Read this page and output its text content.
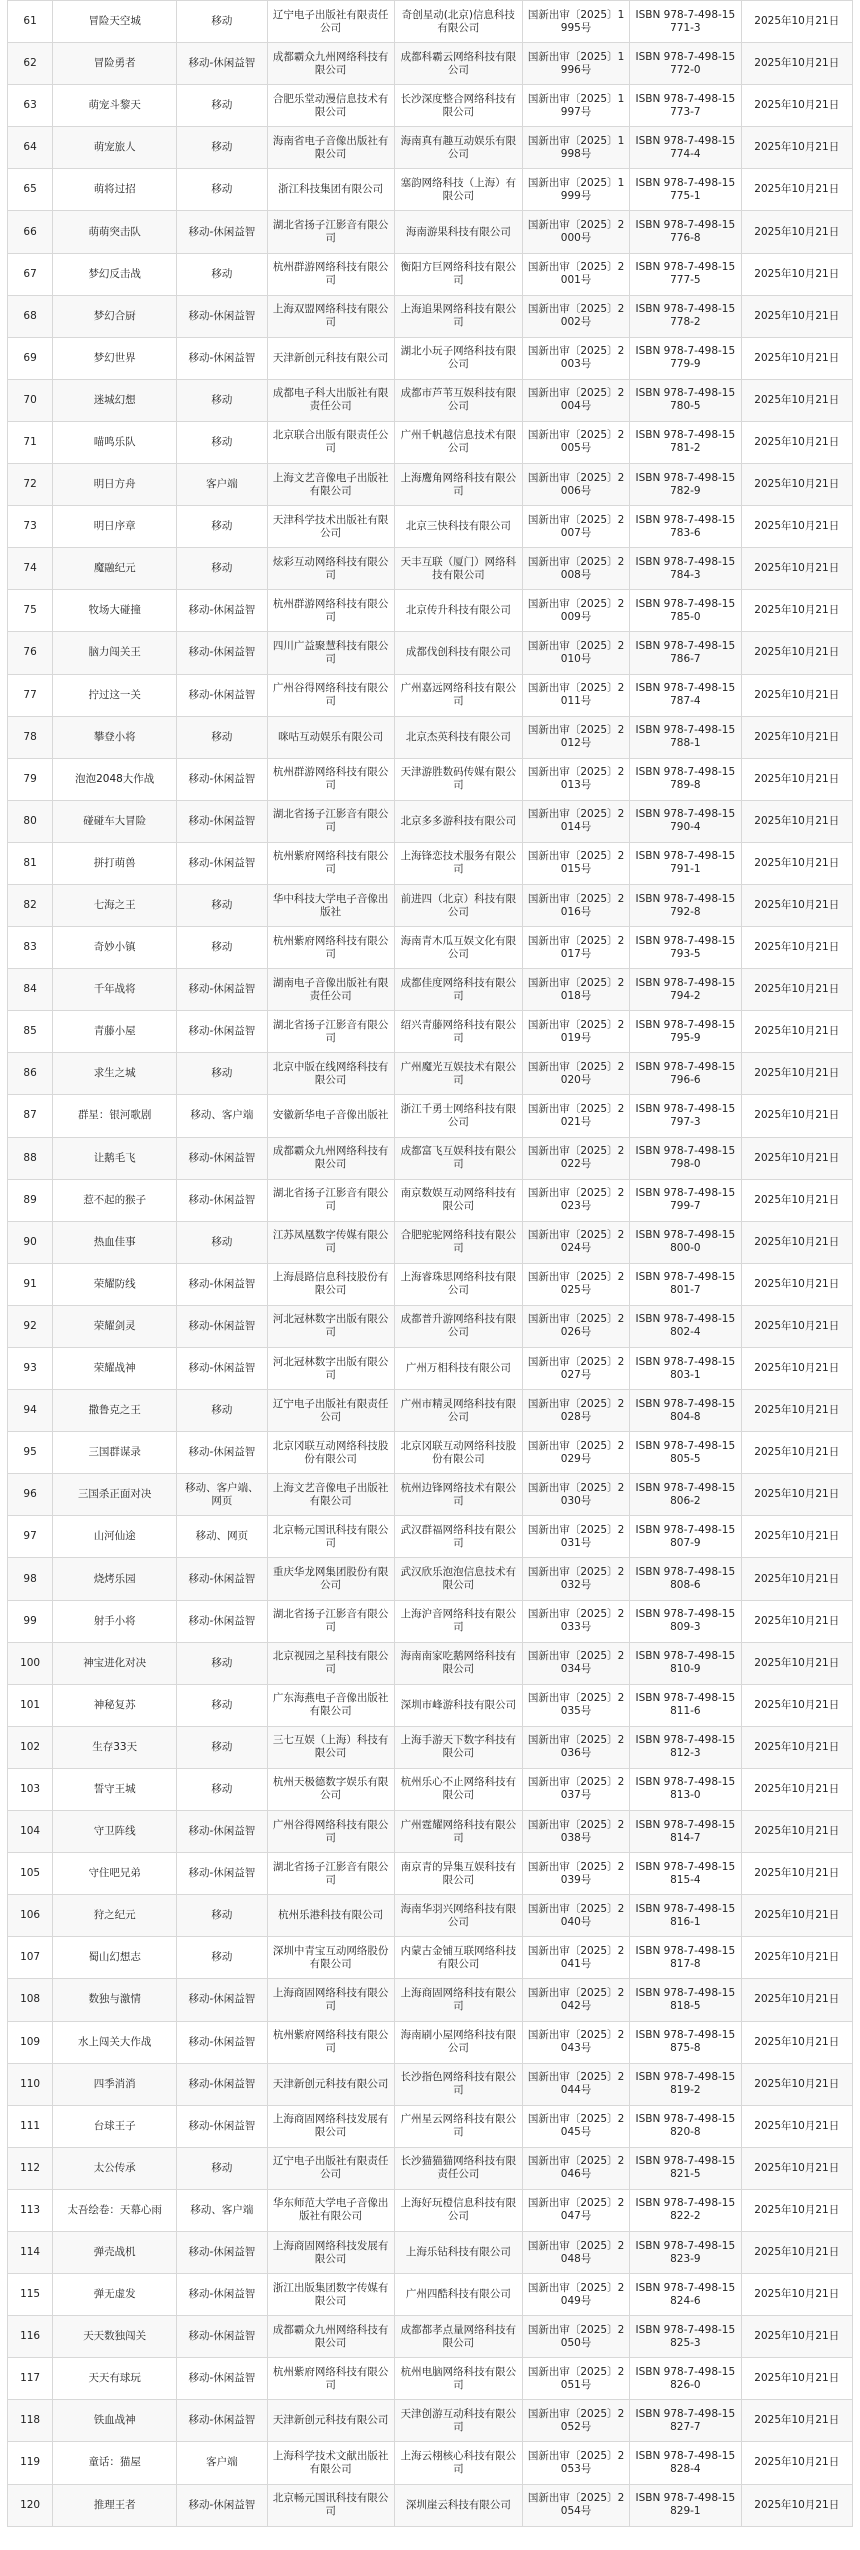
61	冒险天空城	移动	辽宁电子出版社有限责任公司	奇创星动(北京)信息科技有限公司	国新出审〔2025〕1995号	ISBN 978-7-498-15771-3	2025年10月21日
62	冒险勇者	移动-休闲益智	成都霸众九州网络科技有限公司	成都科霸云网络科技有限公司	国新出审〔2025〕1996号	ISBN 978-7-498-15772-0	2025年10月21日
63	萌宠斗黎天	移动	合肥乐堂动漫信息技术有限公司	长沙深度整合网络科技有限公司	国新出审〔2025〕1997号	ISBN 978-7-498-15773-7	2025年10月21日
64	萌宠旅人	移动	海南省电子音像出版社有限公司	海南真有趣互动娱乐有限公司	国新出审〔2025〕1998号	ISBN 978-7-498-15774-4	2025年10月21日
65	萌将过招	移动	浙江科技集团有限公司	塞韵网络科技（上海）有限公司	国新出审〔2025〕1999号	ISBN 978-7-498-15775-1	2025年10月21日
66	萌萌突击队	移动-休闲益智	湖北省扬子江影音有限公司	海南游果科技有限公司	国新出审〔2025〕2000号	ISBN 978-7-498-15776-8	2025年10月21日
67	梦幻反击战	移动	杭州群游网络科技有限公司	衡阳方巨网络科技有限公司	国新出审〔2025〕2001号	ISBN 978-7-498-15777-5	2025年10月21日
68	梦幻合厨	移动-休闲益智	上海双盟网络科技有限公司	上海追果网络科技有限公司	国新出审〔2025〕2002号	ISBN 978-7-498-15778-2	2025年10月21日
69	梦幻世界	移动-休闲益智	天津新创元科技有限公司	湖北小玩子网络科技有限公司	国新出审〔2025〕2003号	ISBN 978-7-498-15779-9	2025年10月21日
70	迷城幻想	移动	成都电子科大出版社有限责任公司	成都市芦苇互娱科技有限公司	国新出审〔2025〕2004号	ISBN 978-7-498-15780-5	2025年10月21日
71	喵鸣乐队	移动	北京联合出版有限责任公司	广州千帆越信息技术有限公司	国新出审〔2025〕2005号	ISBN 978-7-498-15781-2	2025年10月21日
72	明日方舟	客户端	上海文艺音像电子出版社有限公司	上海鹰角网络科技有限公司	国新出审〔2025〕2006号	ISBN 978-7-498-15782-9	2025年10月21日
73	明日序章	移动	天津科学技术出版社有限公司	北京三快科技有限公司	国新出审〔2025〕2007号	ISBN 978-7-498-15783-6	2025年10月21日
74	魔融纪元	移动	炫彩互动网络科技有限公司	天丰互联（厦门）网络科技有限公司	国新出审〔2025〕2008号	ISBN 978-7-498-15784-3	2025年10月21日
75	牧场大碰撞	移动-休闲益智	杭州群游网络科技有限公司	北京传升科技有限公司	国新出审〔2025〕2009号	ISBN 978-7-498-15785-0	2025年10月21日
76	脑力闯关王	移动-休闲益智	四川广益聚慧科技有限公司	成都伐创科技有限公司	国新出审〔2025〕2010号	ISBN 978-7-498-15786-7	2025年10月21日
77	拧过这一关	移动-休闲益智	广州谷得网络科技有限公司	广州嘉远网络科技有限公司	国新出审〔2025〕2011号	ISBN 978-7-498-15787-4	2025年10月21日
78	攀登小将	移动	咪咕互动娱乐有限公司	北京杰英科技有限公司	国新出审〔2025〕2012号	ISBN 978-7-498-15788-1	2025年10月21日
79	泡泡2048大作战	移动-休闲益智	杭州群游网络科技有限公司	天津游胜数码传媒有限公司	国新出审〔2025〕2013号	ISBN 978-7-498-15789-8	2025年10月21日
80	碰碰车大冒险	移动-休闲益智	湖北省扬子江影音有限公司	北京多多游科技有限公司	国新出审〔2025〕2014号	ISBN 978-7-498-15790-4	2025年10月21日
81	拼打萌兽	移动-休闲益智	杭州紫府网络科技有限公司	上海锋恋技术服务有限公司	国新出审〔2025〕2015号	ISBN 978-7-498-15791-1	2025年10月21日
82	七海之王	移动	华中科技大学电子音像出版社	前进四（北京）科技有限公司	国新出审〔2025〕2016号	ISBN 978-7-498-15792-8	2025年10月21日
83	奇妙小镇	移动	杭州紫府网络科技有限公司	海南青木瓜互娱文化有限公司	国新出审〔2025〕2017号	ISBN 978-7-498-15793-5	2025年10月21日
84	千年战将	移动-休闲益智	湖南电子音像出版社有限责任公司	成都佳度网络科技有限公司	国新出审〔2025〕2018号	ISBN 978-7-498-15794-2	2025年10月21日
85	青藤小屋	移动-休闲益智	湖北省扬子江影音有限公司	绍兴青藤网络科技有限公司	国新出审〔2025〕2019号	ISBN 978-7-498-15795-9	2025年10月21日
86	求生之城	移动	北京中版在线网络科技有限公司	广州魔光互娱技术有限公司	国新出审〔2025〕2020号	ISBN 978-7-498-15796-6	2025年10月21日
87	群星：银河歌剧	移动、客户端	安徽新华电子音像出版社	浙江千勇士网络科技有限公司	国新出审〔2025〕2021号	ISBN 978-7-498-15797-3	2025年10月21日
88	让鹅毛飞	移动-休闲益智	成都霸众九州网络科技有限公司	成都富飞互娱科技有限公司	国新出审〔2025〕2022号	ISBN 978-7-498-15798-0	2025年10月21日
89	惹不起的猴子	移动-休闲益智	湖北省扬子江影音有限公司	南京数娱互动网络科技有限公司	国新出审〔2025〕2023号	ISBN 978-7-498-15799-7	2025年10月21日
90	热血佳事	移动	江苏凤凰数字传媒有限公司	合肥驼驼网络科技有限公司	国新出审〔2025〕2024号	ISBN 978-7-498-15800-0	2025年10月21日
91	荣耀防线	移动-休闲益智	上海晨路信息科技股份有限公司	上海睿珠思网络科技有限公司	国新出审〔2025〕2025号	ISBN 978-7-498-15801-7	2025年10月21日
92	荣耀剑灵	移动-休闲益智	河北冠林数字出版有限公司	成都普升游网络科技有限公司	国新出审〔2025〕2026号	ISBN 978-7-498-15802-4	2025年10月21日
93	荣耀战神	移动-休闲益智	河北冠林数字出版有限公司	广州万相科技有限公司	国新出审〔2025〕2027号	ISBN 978-7-498-15803-1	2025年10月21日
94	撒鲁克之王	移动	辽宁电子出版社有限责任公司	广州市精灵网络科技有限公司	国新出审〔2025〕2028号	ISBN 978-7-498-15804-8	2025年10月21日
95	三国群谋录	移动-休闲益智	北京冈联互动网络科技股份有限公司	北京冈联互动网络科技股份有限公司	国新出审〔2025〕2029号	ISBN 978-7-498-15805-5	2025年10月21日
96	三国杀正面对决	移动、客户端、网页	上海文艺音像电子出版社有限公司	杭州边锋网络技术有限公司	国新出审〔2025〕2030号	ISBN 978-7-498-15806-2	2025年10月21日
97	山河仙途	移动、网页	北京畅元国讯科技有限公司	武汉群福网络科技有限公司	国新出审〔2025〕2031号	ISBN 978-7-498-15807-9	2025年10月21日
98	烧烤乐园	移动-休闲益智	重庆华龙网集团股份有限公司	武汉欣乐泡泡信息技术有限公司	国新出审〔2025〕2032号	ISBN 978-7-498-15808-6	2025年10月21日
99	射手小将	移动-休闲益智	湖北省扬子江影音有限公司	上海沪音网络科技有限公司	国新出审〔2025〕2033号	ISBN 978-7-498-15809-3	2025年10月21日
100	神宝进化对决	移动	北京视园之星科技有限公司	海南南家吃鹅网络科技有限公司	国新出审〔2025〕2034号	ISBN 978-7-498-15810-9	2025年10月21日
101	神秘复苏	移动	广东海燕电子音像出版社有限公司	深圳市峰游科技有限公司	国新出审〔2025〕2035号	ISBN 978-7-498-15811-6	2025年10月21日
102	生存33天	移动	三七互娱（上海）科技有限公司	上海手游天下数字科技有限公司	国新出审〔2025〕2036号	ISBN 978-7-498-15812-3	2025年10月21日
103	誓守王城	移动	杭州天极德数字娱乐有限公司	杭州乐心不止网络科技有限公司	国新出审〔2025〕2037号	ISBN 978-7-498-15813-0	2025年10月21日
104	守卫阵线	移动-休闲益智	广州谷得网络科技有限公司	广州霆耀网络科技有限公司	国新出审〔2025〕2038号	ISBN 978-7-498-15814-7	2025年10月21日
105	守住吧兄弟	移动-休闲益智	湖北省扬子江影音有限公司	南京青的异集互娱科技有限公司	国新出审〔2025〕2039号	ISBN 978-7-498-15815-4	2025年10月21日
106	狩之纪元	移动	杭州乐港科技有限公司	海南华羽兴网络科技有限公司	国新出审〔2025〕2040号	ISBN 978-7-498-15816-1	2025年10月21日
107	蜀山幻想志	移动	深圳中青宝互动网络股份有限公司	内蒙古金铺互联网络科技有限公司	国新出审〔2025〕2041号	ISBN 978-7-498-15817-8	2025年10月21日
108	数独与激情	移动-休闲益智	上海商固网络科技有限公司	上海商固网络科技有限公司	国新出审〔2025〕2042号	ISBN 978-7-498-15818-5	2025年10月21日
109	水上闯关大作战	移动-休闲益智	杭州紫府网络科技有限公司	海南刷小屋网络科技有限公司	国新出审〔2025〕2043号	ISBN 978-7-498-15875-8	2025年10月21日
110	四季消消	移动-休闲益智	天津新创元科技有限公司	长沙指色网络科技有限公司	国新出审〔2025〕2044号	ISBN 978-7-498-15819-2	2025年10月21日
111	台球王子	移动-休闲益智	上海商固网络科技发展有限公司	广州星云网络科技有限公司	国新出审〔2025〕2045号	ISBN 978-7-498-15820-8	2025年10月21日
112	太公传承	移动	辽宁电子出版社有限责任公司	长沙猫猫猫网络科技有限责任公司	国新出审〔2025〕2046号	ISBN 978-7-498-15821-5	2025年10月21日
113	太吾绘卷：天幕心雨	移动、客户端	华东师范大学电子音像出版社有限公司	上海好玩橙信息科技有限公司	国新出审〔2025〕2047号	ISBN 978-7-498-15822-2	2025年10月21日
114	弹壳战机	移动-休闲益智	上海商固网络科技发展有限公司	上海乐钻科技有限公司	国新出审〔2025〕2048号	ISBN 978-7-498-15823-9	2025年10月21日
115	弹无虚发	移动-休闲益智	浙江出版集团数字传媒有限公司	广州四酷科技有限公司	国新出审〔2025〕2049号	ISBN 978-7-498-15824-6	2025年10月21日
116	天天数独闯关	移动-休闲益智	成都霸众九州网络科技有限公司	成都都孝点量网络科技有限公司	国新出审〔2025〕2050号	ISBN 978-7-498-15825-3	2025年10月21日
117	天天有球玩	移动-休闲益智	杭州紫府网络科技有限公司	杭州电脑网络科技有限公司	国新出审〔2025〕2051号	ISBN 978-7-498-15826-0	2025年10月21日
118	铁血战神	移动-休闲益智	天津新创元科技有限公司	天津创游互动科技有限公司	国新出审〔2025〕2052号	ISBN 978-7-498-15827-7	2025年10月21日
119	童话：猫屋	客户端	上海科学技术文献出版社有限公司	上海云栩核心科技有限公司	国新出审〔2025〕2053号	ISBN 978-7-498-15828-4	2025年10月21日
120	推理王者	移动-休闲益智	北京畅元国讯科技有限公司	深圳崖云科技有限公司	国新出审〔2025〕2054号	ISBN 978-7-498-15829-1	2025年10月21日
